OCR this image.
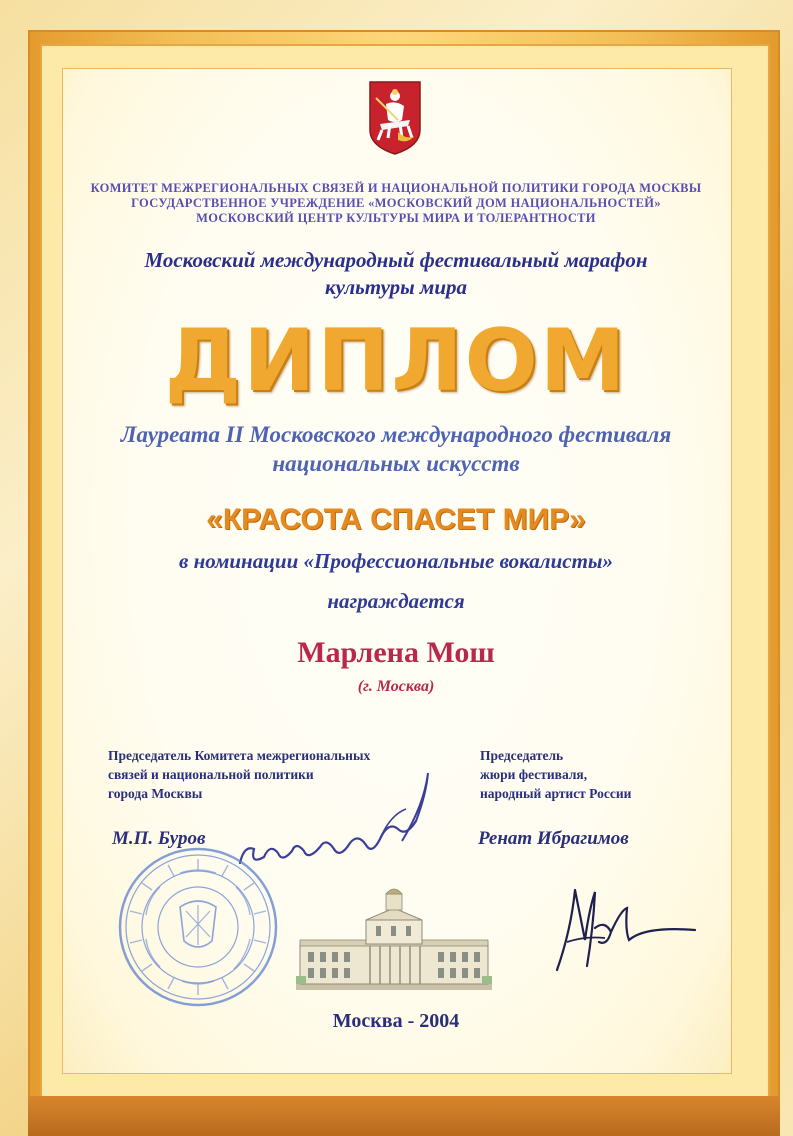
КОМИТЕТ МЕЖРЕГИОНАЛЬНЫХ СВЯЗЕЙ И НАЦИОНАЛЬНОЙ ПОЛИТИКИ ГОРОДА МОСКВЫ
ГОСУДАРСТВЕННОЕ УЧРЕЖДЕНИЕ «МОСКОВСКИЙ ДОМ НАЦИОНАЛЬНОСТЕЙ»
МОСКОВСКИЙ ЦЕНТР КУЛЬТУРЫ МИРА И ТОЛЕРАНТНОСТИ
Московский международный фестивальный марафон
культуры мира
ДИПЛОМ
Лауреата II Московского международного фестиваля
национальных искусств
«КРАСОТА СПАСЕТ МИР»
в номинации «Профессиональные вокалисты»
награждается
Марлена Мош
(г. Москва)
Председатель Комитета межрегиональных
связей и национальной политики
города Москвы
М.П. Буров
Председатель
жюри фестиваля,
народный артист России
Ренат Ибрагимов
Москва - 2004
